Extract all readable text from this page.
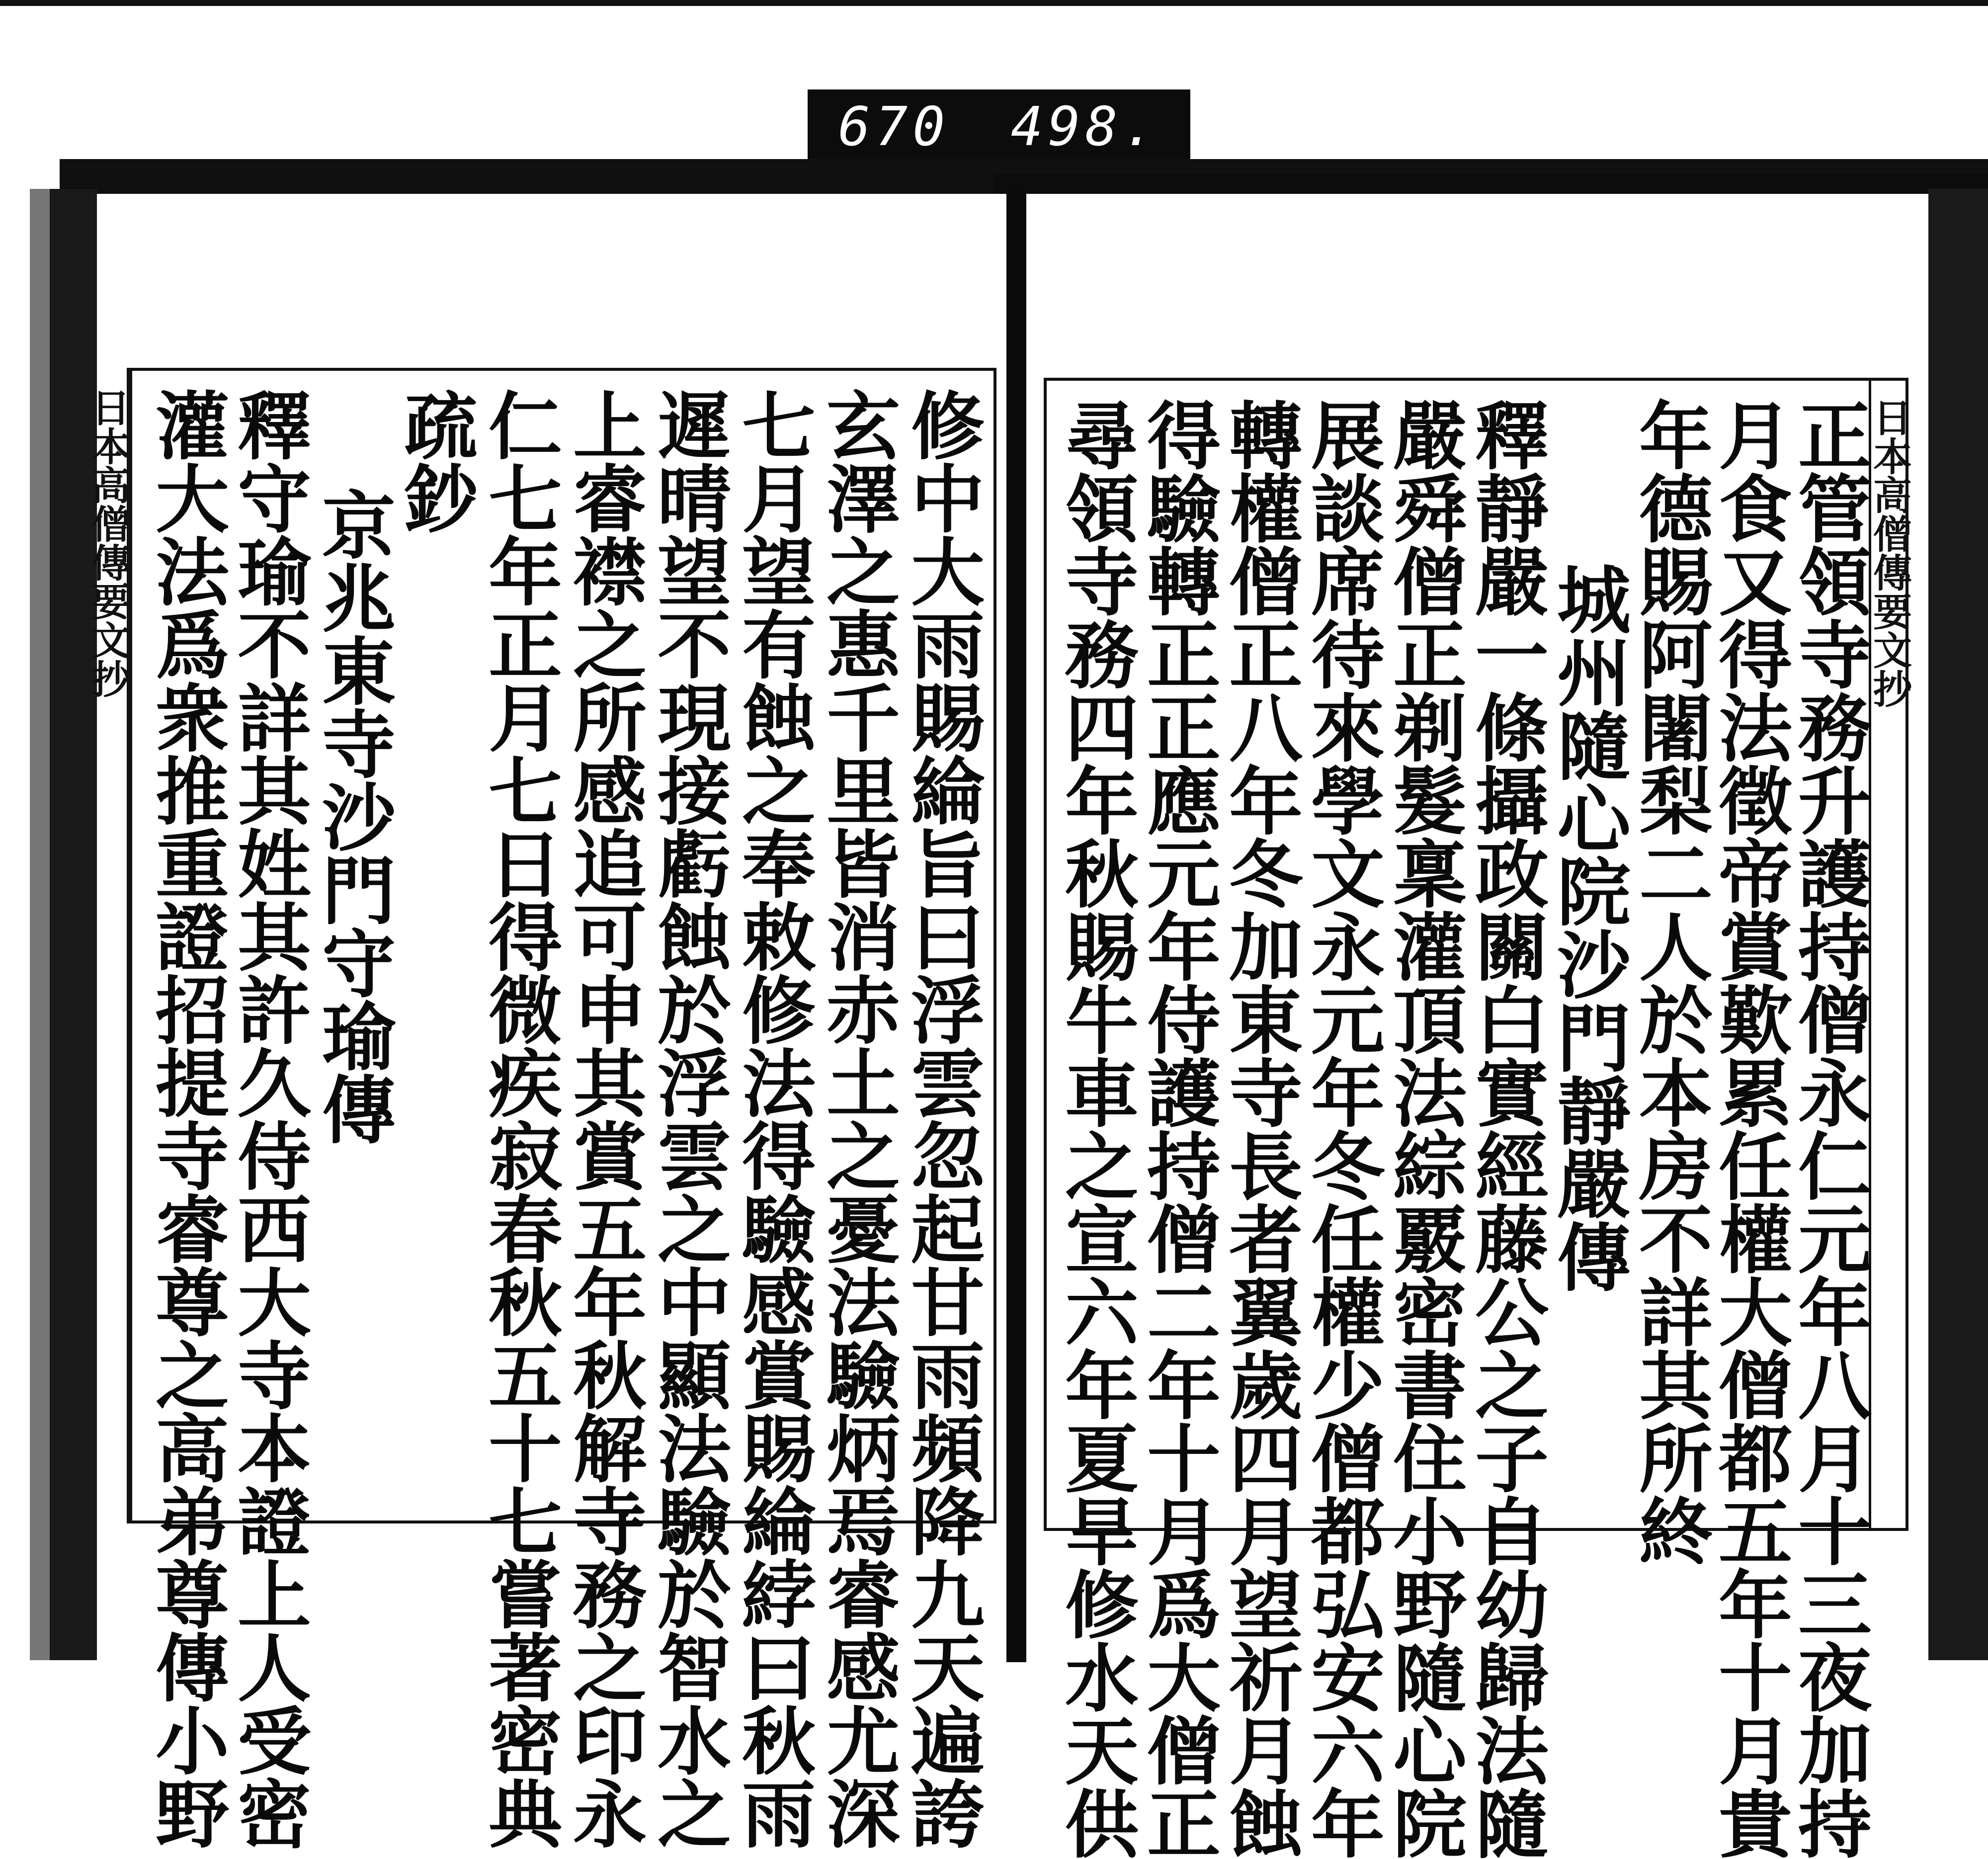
670 498.
日本高僧傳要文抄	日本高僧傳要文抄
修中大雨賜綸旨曰浮雲忽起甘雨頻降九天遍誇
玄澤之惠千里皆消赤土之憂法驗炳焉睿感尤深
七月望有蝕之奉敕修法得驗感賞賜綸綍曰秋雨
遲晴望不現接虧蝕於浮雲之中顯法驗於智水之
上睿襟之所感追可申其賞五年秋解寺務之印永
仁七年正月七日得微疾寂春秋五十七嘗著密典
疏鈔
京兆東寺沙門守瑜傳
釋守瑜不詳其姓其許久侍西大寺本證上人受密
灌大法爲衆推重證招提寺睿尊之高弟尊傳小野	正管領寺務升護持僧永仁元年八月十三夜加持
月食又得法徵帝賞歎累任權大僧都五年十月貴
年德賜阿闍梨二人於本房不詳其所終
城州隨心院沙門靜嚴傳
釋靜嚴一條攝政關白實經藤公之子自幼歸法隨
嚴舜僧正剃髮稟灌頂法綜覈密書住小野隨心院
展談席待來學文永元年冬任權少僧都弘安六年
轉權僧正八年冬加東寺長者翼歲四月望祈月蝕
得驗轉正正應元年侍護持僧二年十月爲大僧正
尋領寺務四年秋賜牛車之宣六年夏旱修水天供
